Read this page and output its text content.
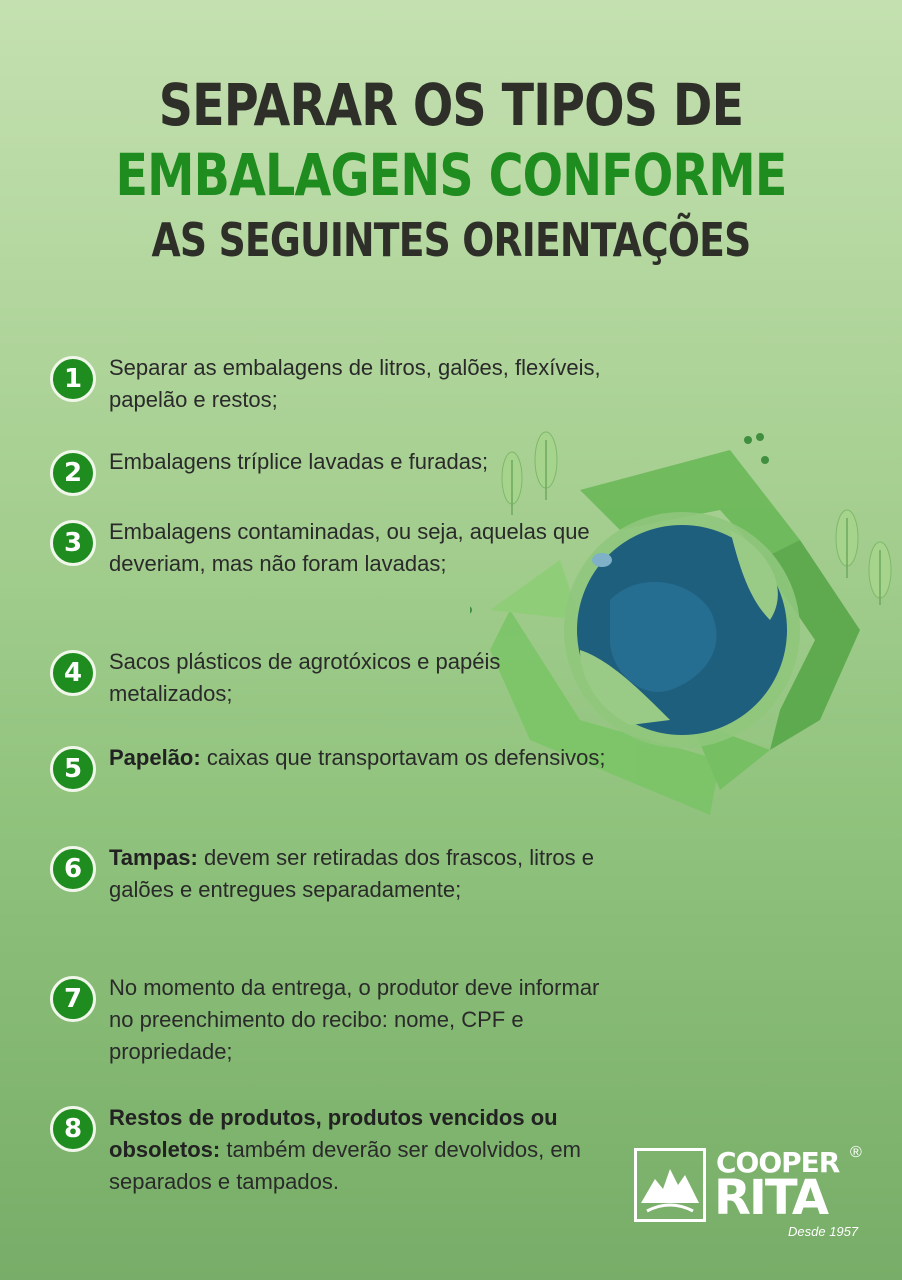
SEPARAR OS TIPOS DE
EMBALAGENS CONFORME
AS SEGUINTES ORIENTAÇÕES
1	Separar as embalagens de litros, galões, flexíveis, papelão e restos;
2	Embalagens tríplice lavadas e furadas;
3	Embalagens contaminadas, ou seja, aquelas que deveriam, mas não foram lavadas;
4	Sacos plásticos de agrotóxicos e papéis metalizados;
5	Papelão: caixas que transportavam os defensivos;
6	Tampas: devem ser retiradas dos frascos, litros e galões e entregues separadamente;
7	No momento da entrega, o produtor deve informar no preenchimento do recibo: nome, CPF e propriedade;
8	Restos de produtos, produtos vencidos ou obsoletos: também deverão ser devolvidos, em separados e tampados.
COOPER ®
RITA
Desde 1957
